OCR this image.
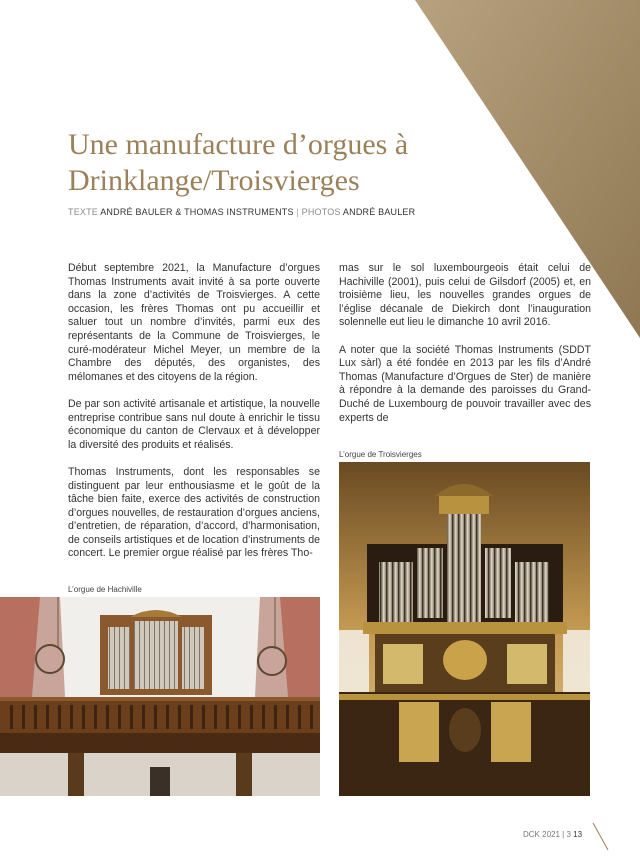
Une manufacture d’orgues à
Drinklange/Troisvierges
TEXTE ANDRÉ BAULER & THOMAS INSTRUMENTS | PHOTOS ANDRÉ BAULER

Début septembre 2021, la Manufacture d’orgues Thomas Instruments avait invité à sa porte ouverte dans la zone d’activités de Troisvierges. A cette occasion, les frères Thomas ont pu accueillir et saluer tout un nombre d’invités, parmi eux des représentants de la Commune de Troisvierges, le curé-modérateur Michel Meyer, un membre de la Chambre des députés, des organistes, des mélomanes et des citoyens de la région.

De par son activité artisanale et artistique, la nouvelle entreprise contribue sans nul doute à enrichir le tissu économique du canton de Clervaux et à développer la diversité des produits et réalisés.

Thomas Instruments, dont les responsables se distinguent par leur enthousiasme et le goût de la tâche bien faite, exerce des activités de construction d’orgues nouvelles, de restauration d’orgues anciens, d’entretien, de réparation, d’accord, d’harmonisation, de conseils artistiques et de location d’instruments de concert. Le premier orgue réalisé par les frères Tho-

mas sur le sol luxembourgeois était celui de Hachiville (2001), puis celui de Gilsdorf (2005) et, en troisième lieu, les nouvelles grandes orgues de l’église décanale de Diekirch dont l’inauguration solennelle eut lieu le dimanche 10 avril 2016.

A noter que la société Thomas Instruments (SDDT Lux sàrl) a été fondée en 2013 par les fils d’André Thomas (Manufacture d’Orgues de Ster) de manière à répondre à la demande des paroisses du Grand-Duché de Luxembourg de pouvoir travailler avec des experts de

L’orgue de Troisvierges
L’orgue de Hachiville
DCK 2021 | 3 13
